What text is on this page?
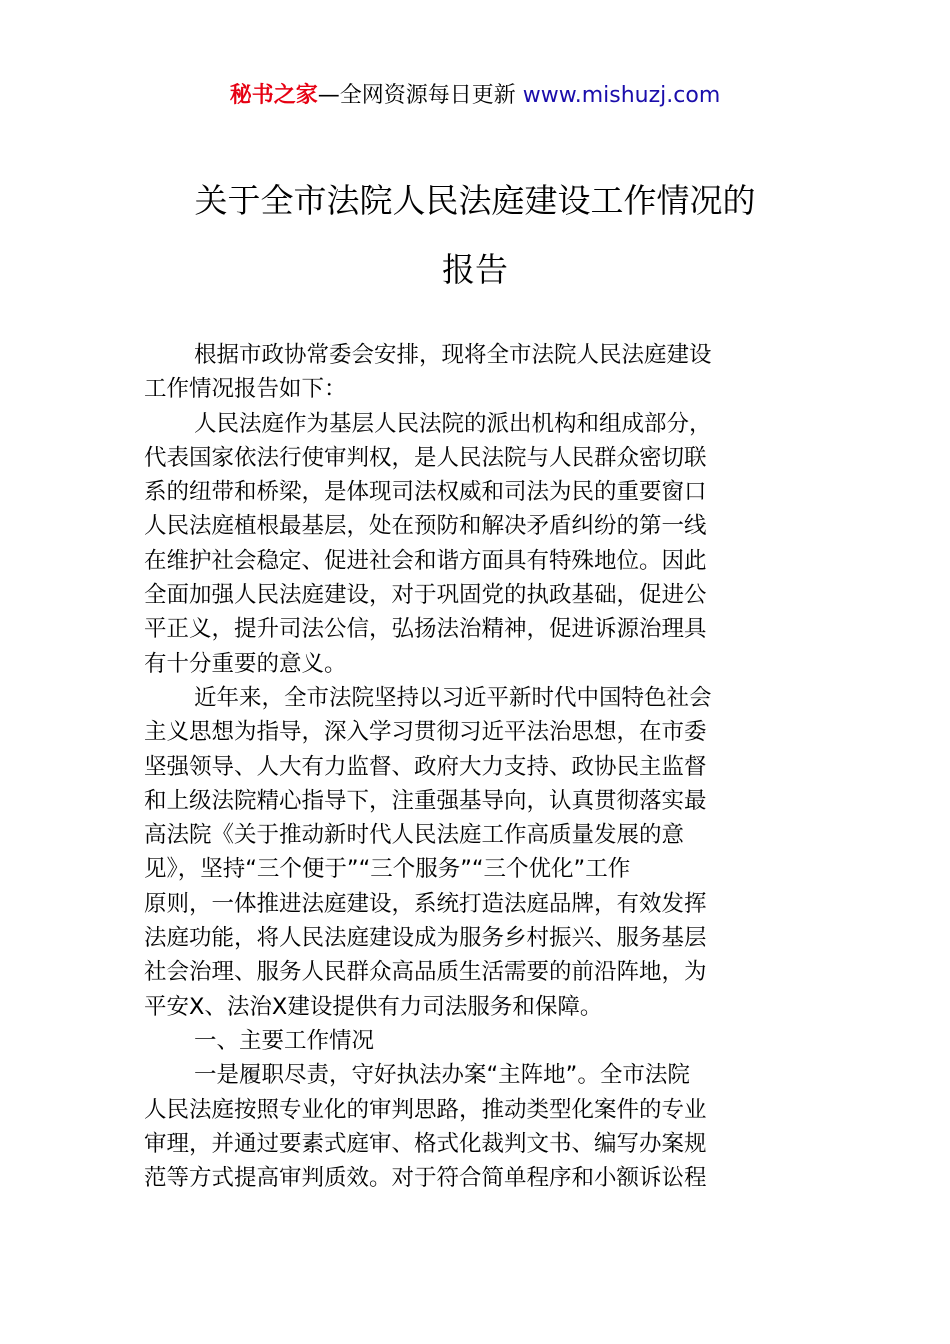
秘书之家—全网资源每日更新 www.mishuzj.com
关于全市法院人民法庭建设工作情况的
报告
根据市政协常委会安排，现将全市法院人民法庭建设
工作情况报告如下：
人民法庭作为基层人民法院的派出机构和组成部分，
代表国家依法行使审判权，是人民法院与人民群众密切联
系的纽带和桥梁，是体现司法权威和司法为民的重要窗口
人民法庭植根最基层，处在预防和解决矛盾纠纷的第一线
在维护社会稳定、促进社会和谐方面具有特殊地位。因此
全面加强人民法庭建设，对于巩固党的执政基础，促进公
平正义，提升司法公信，弘扬法治精神，促进诉源治理具
有十分重要的意义。
近年来，全市法院坚持以习近平新时代中国特色社会
主义思想为指导，深入学习贯彻习近平法治思想，在市委
坚强领导、人大有力监督、政府大力支持、政协民主监督
和上级法院精心指导下，注重强基导向，认真贯彻落实最
高法院《关于推动新时代人民法庭工作高质量发展的意
见》，坚持“三个便于”“三个服务”“三个优化”工作
原则，一体推进法庭建设，系统打造法庭品牌，有效发挥
法庭功能，将人民法庭建设成为服务乡村振兴、服务基层
社会治理、服务人民群众高品质生活需要的前沿阵地，为
平安X、法治X建设提供有力司法服务和保障。
一、主要工作情况
一是履职尽责，守好执法办案“主阵地”。全市法院
人民法庭按照专业化的审判思路，推动类型化案件的专业
审理，并通过要素式庭审、格式化裁判文书、编写办案规
范等方式提高审判质效。对于符合简单程序和小额诉讼程
